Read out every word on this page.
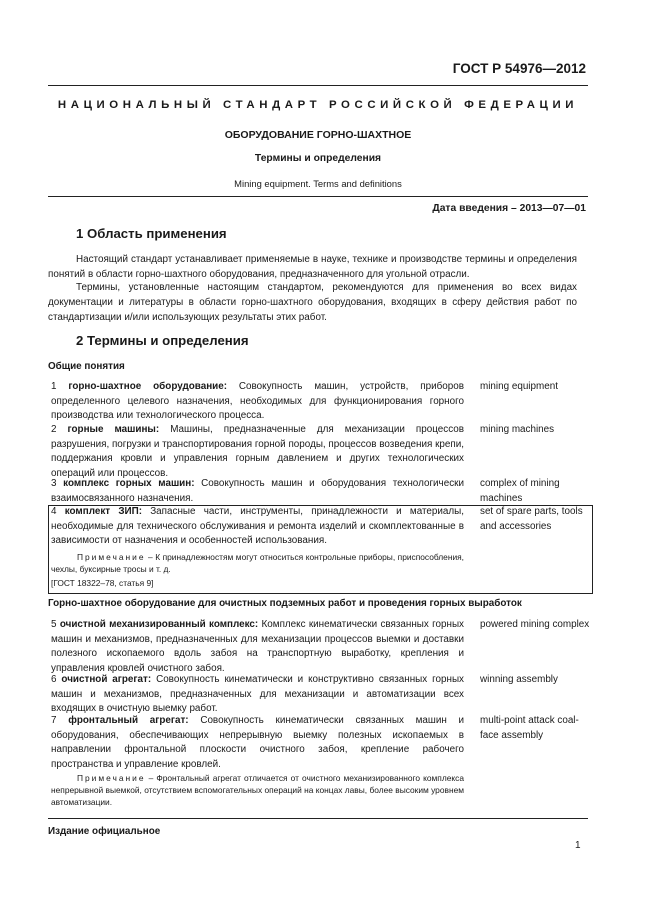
ГОСТ Р 54976—2012
НАЦИОНАЛЬНЫЙ СТАНДАРТ РОССИЙСКОЙ ФЕДЕРАЦИИ
ОБОРУДОВАНИЕ ГОРНО-ШАХТНОЕ
Термины и определения
Mining equipment. Terms and definitions
Дата введения – 2013—07—01
1 Область применения
Настоящий стандарт устанавливает применяемые в науке, технике и производстве термины и определения понятий в области горно-шахтного оборудования, предназначенного для угольной отрасли.
Термины, установленные настоящим стандартом, рекомендуются для применения во всех видах документации и литературы в области горно-шахтного оборудования, входящих в сферу действия работ по стандартизации и/или использующих результаты этих работ.
2 Термины и определения
Общие понятия
1 горно-шахтное оборудование: Совокупность машин, устройств, приборов определенного целевого назначения, необходимых для функционирования горного производства или технологического процесса.
mining equipment
2 горные машины: Машины, предназначенные для механизации процессов разрушения, погрузки и транспортирования горной породы, процессов возведения крепи, поддержания кровли и управления горным давлением и других технологических операций или процессов.
mining machines
3 комплекс горных машин: Совокупность машин и оборудования технологически взаимосвязанного назначения.
complex of mining machines
4 комплект ЗИП: Запасные части, инструменты, принадлежности и материалы, необходимые для технического обслуживания и ремонта изделий и скомплектованные в зависимости от назначения и особенностей использования.
set of spare parts, tools and accessories
Примечание – К принадлежностям могут относиться контрольные приборы, приспособления, чехлы, буксирные тросы и т. д.
[ГОСТ 18322–78, статья 9]
Горно-шахтное оборудование для очистных подземных работ и проведения горных выработок
5 очистной механизированный комплекс: Комплекс кинематически связанных горных машин и механизмов, предназначенных для механизации процессов выемки и доставки полезного ископаемого вдоль забоя на транспортную выработку, крепления и управления кровлей очистного забоя.
powered mining complex
6 очистной агрегат: Совокупность кинематически и конструктивно связанных горных машин и механизмов, предназначенных для механизации и автоматизации всех входящих в очистную выемку работ.
winning assembly
7 фронтальный агрегат: Совокупность кинематически связанных машин и оборудования, обеспечивающих непрерывную выемку полезных ископаемых в направлении фронтальной плоскости очистного забоя, крепление рабочего пространства и управление кровлей.
multi-point attack coal-face assembly
Примечание – Фронтальный агрегат отличается от очистного механизированного комплекса непрерывной выемкой, отсутствием вспомогательных операций на концах лавы, более высоким уровнем автоматизации.
Издание официальное
1
